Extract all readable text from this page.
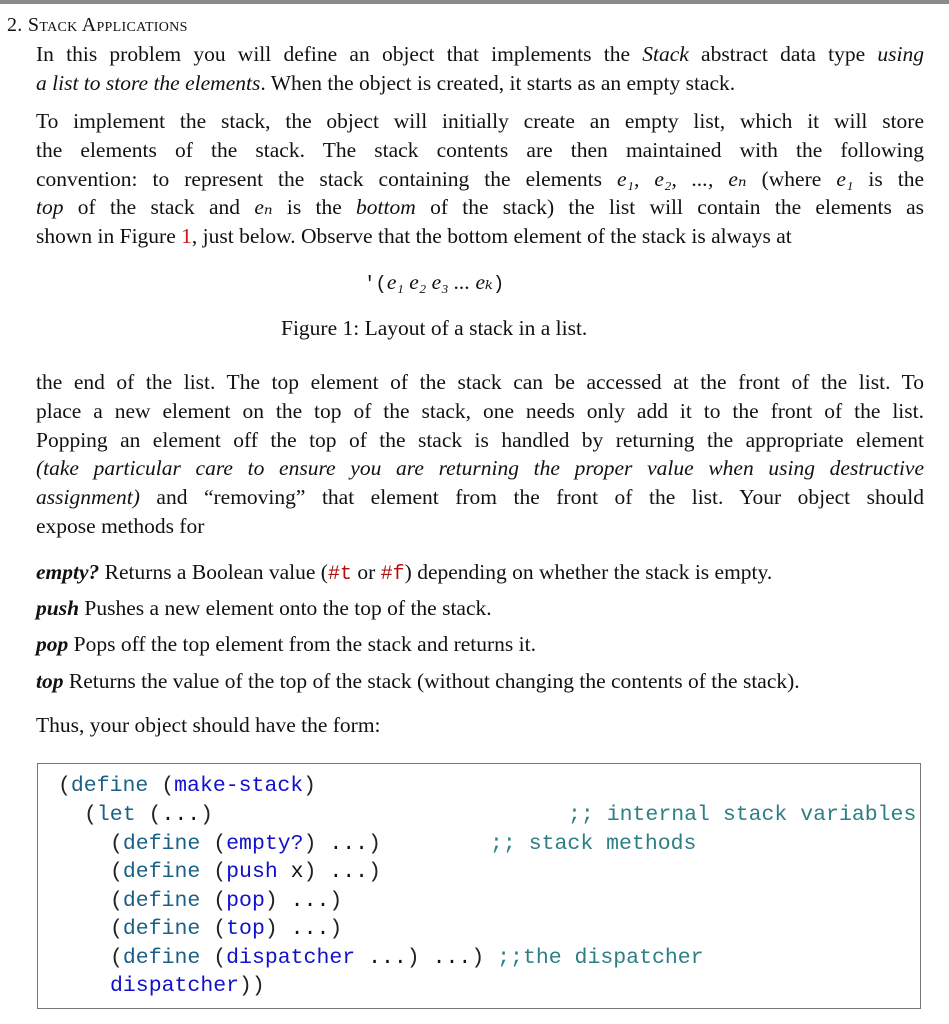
2. Stack Applications
In this problem you will define an object that implements the Stack abstract data type using
a list to store the elements. When the object is created, it starts as an empty stack.
To implement the stack, the object will initially create an empty list, which it will store
the elements of the stack. The stack contents are then maintained with the following
convention: to represent the stack containing the elements e₁, e₂, ..., eₙ (where e₁ is the
top of the stack and eₙ is the bottom of the stack) the list will contain the elements as
shown in Figure 1, just below. Observe that the bottom element of the stack is always at
'(e₁ e₂ e₃ ... eₖ)
Figure 1: Layout of a stack in a list.
the end of the list. The top element of the stack can be accessed at the front of the list. To
place a new element on the top of the stack, one needs only add it to the front of the list.
Popping an element off the top of the stack is handled by returning the appropriate element
(take particular care to ensure you are returning the proper value when using destructive
assignment) and “removing” that element from the front of the list. Your object should
expose methods for
empty? Returns a Boolean value (#t or #f) depending on whether the stack is empty.
push Pushes a new element onto the top of the stack.
pop Pops off the top element from the stack and returns it.
top Returns the value of the top of the stack (without changing the contents of the stack).
Thus, your object should have the form:
(define (make-stack)
(let (...)	;; internal stack variables
(define (empty?) ...)	;; stack methods
(define (push x) ...)
(define (pop) ...)
(define (top) ...)
(define (dispatcher ...) ...) ;;the dispatcher
dispatcher))
